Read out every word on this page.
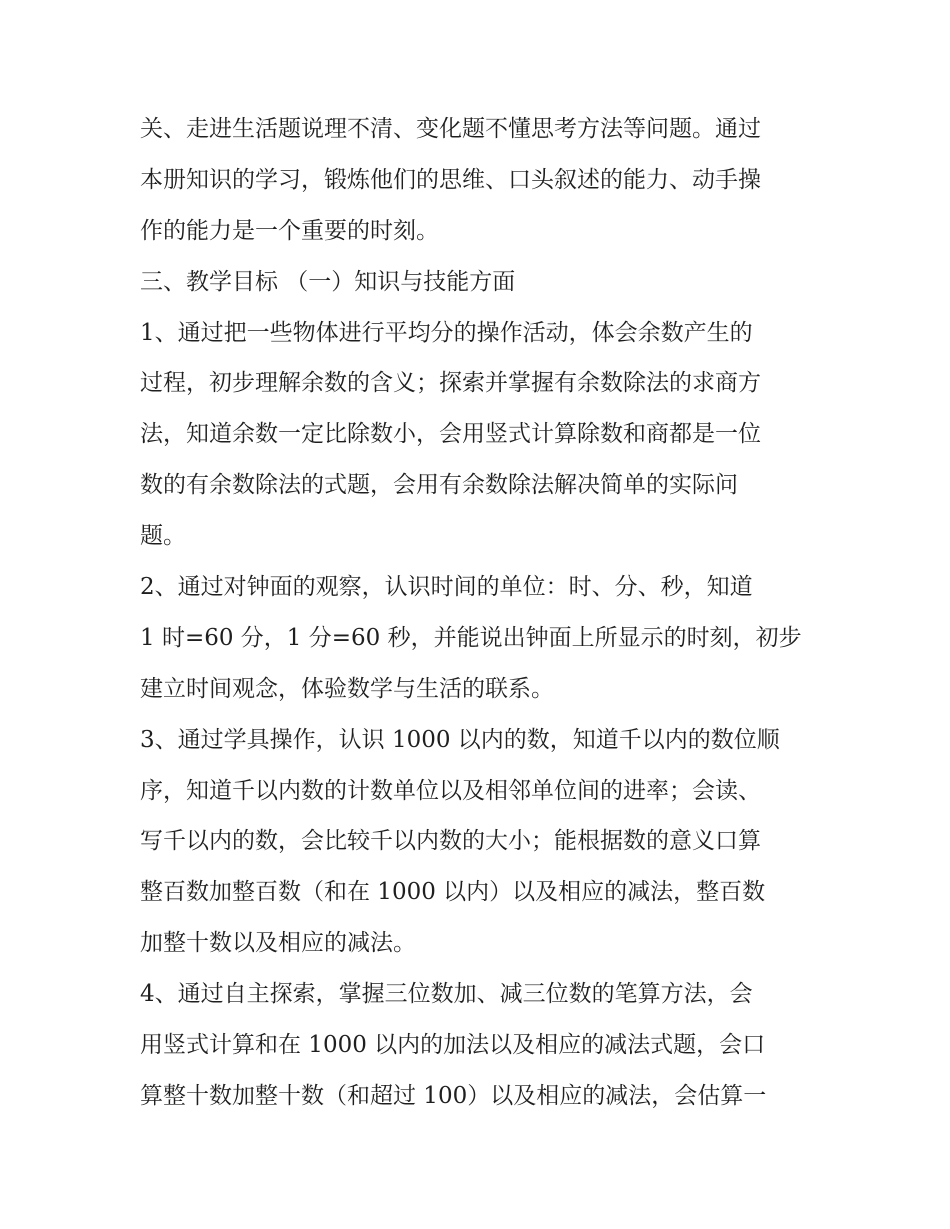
关、走进生活题说理不清、变化题不懂思考方法等问题。通过
本册知识的学习，锻炼他们的思维、口头叙述的能力、动手操
作的能力是一个重要的时刻。
三、教学目标 （一）知识与技能方面
1、通过把一些物体进行平均分的操作活动，体会余数产生的
过程，初步理解余数的含义；探索并掌握有余数除法的求商方
法，知道余数一定比除数小，会用竖式计算除数和商都是一位
数的有余数除法的式题，会用有余数除法解决简单的实际问
题。
2、通过对钟面的观察，认识时间的单位：时、分、秒，知道
1 时=60 分，1 分=60 秒，并能说出钟面上所显示的时刻，初步
建立时间观念，体验数学与生活的联系。
3、通过学具操作，认识 1000 以内的数，知道千以内的数位顺
序，知道千以内数的计数单位以及相邻单位间的进率；会读、
写千以内的数，会比较千以内数的大小；能根据数的意义口算
整百数加整百数（和在 1000 以内）以及相应的减法，整百数
加整十数以及相应的减法。
4、通过自主探索，掌握三位数加、减三位数的笔算方法，会
用竖式计算和在 1000 以内的加法以及相应的减法式题，会口
算整十数加整十数（和超过 100）以及相应的减法，会估算一
